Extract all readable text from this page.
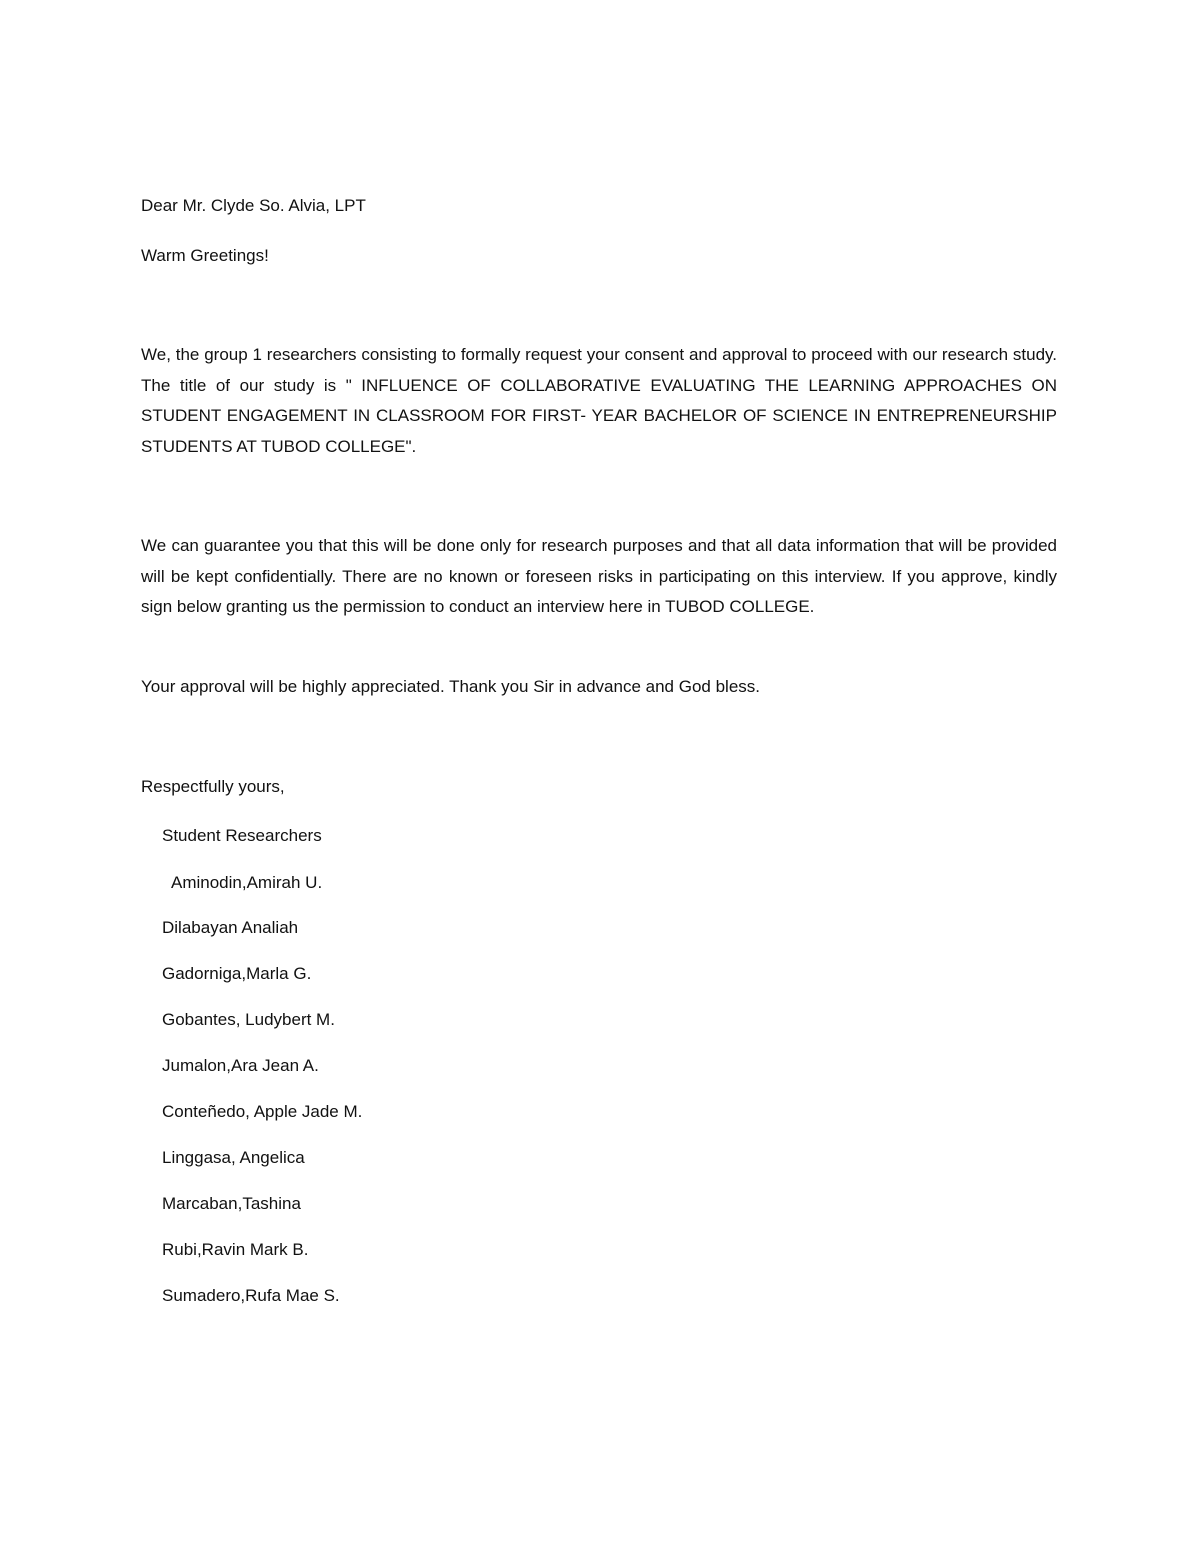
Dear Mr. Clyde So. Alvia, LPT
Warm Greetings!
We, the group 1 researchers consisting to formally request your consent and approval to proceed with our research study. The title of our study is " INFLUENCE OF COLLABORATIVE EVALUATING THE LEARNING APPROACHES ON STUDENT ENGAGEMENT IN CLASSROOM FOR FIRST- YEAR BACHELOR OF SCIENCE IN ENTREPRENEURSHIP STUDENTS AT TUBOD COLLEGE".
We can guarantee you that this will be done only for research purposes and that all data information that will be provided will be kept confidentially. There are no known or foreseen risks in participating on this interview. If you approve, kindly sign below granting us the permission to conduct an interview here in TUBOD COLLEGE.
Your approval will be highly appreciated. Thank you Sir in advance and God bless.
Respectfully yours,
Student Researchers
Aminodin,Amirah U.
Dilabayan Analiah
Gadorniga,Marla G.
Gobantes, Ludybert M.
Jumalon,Ara Jean A.
Conteñedo, Apple Jade M.
Linggasa, Angelica
Marcaban,Tashina
Rubi,Ravin Mark B.
Sumadero,Rufa Mae S.
